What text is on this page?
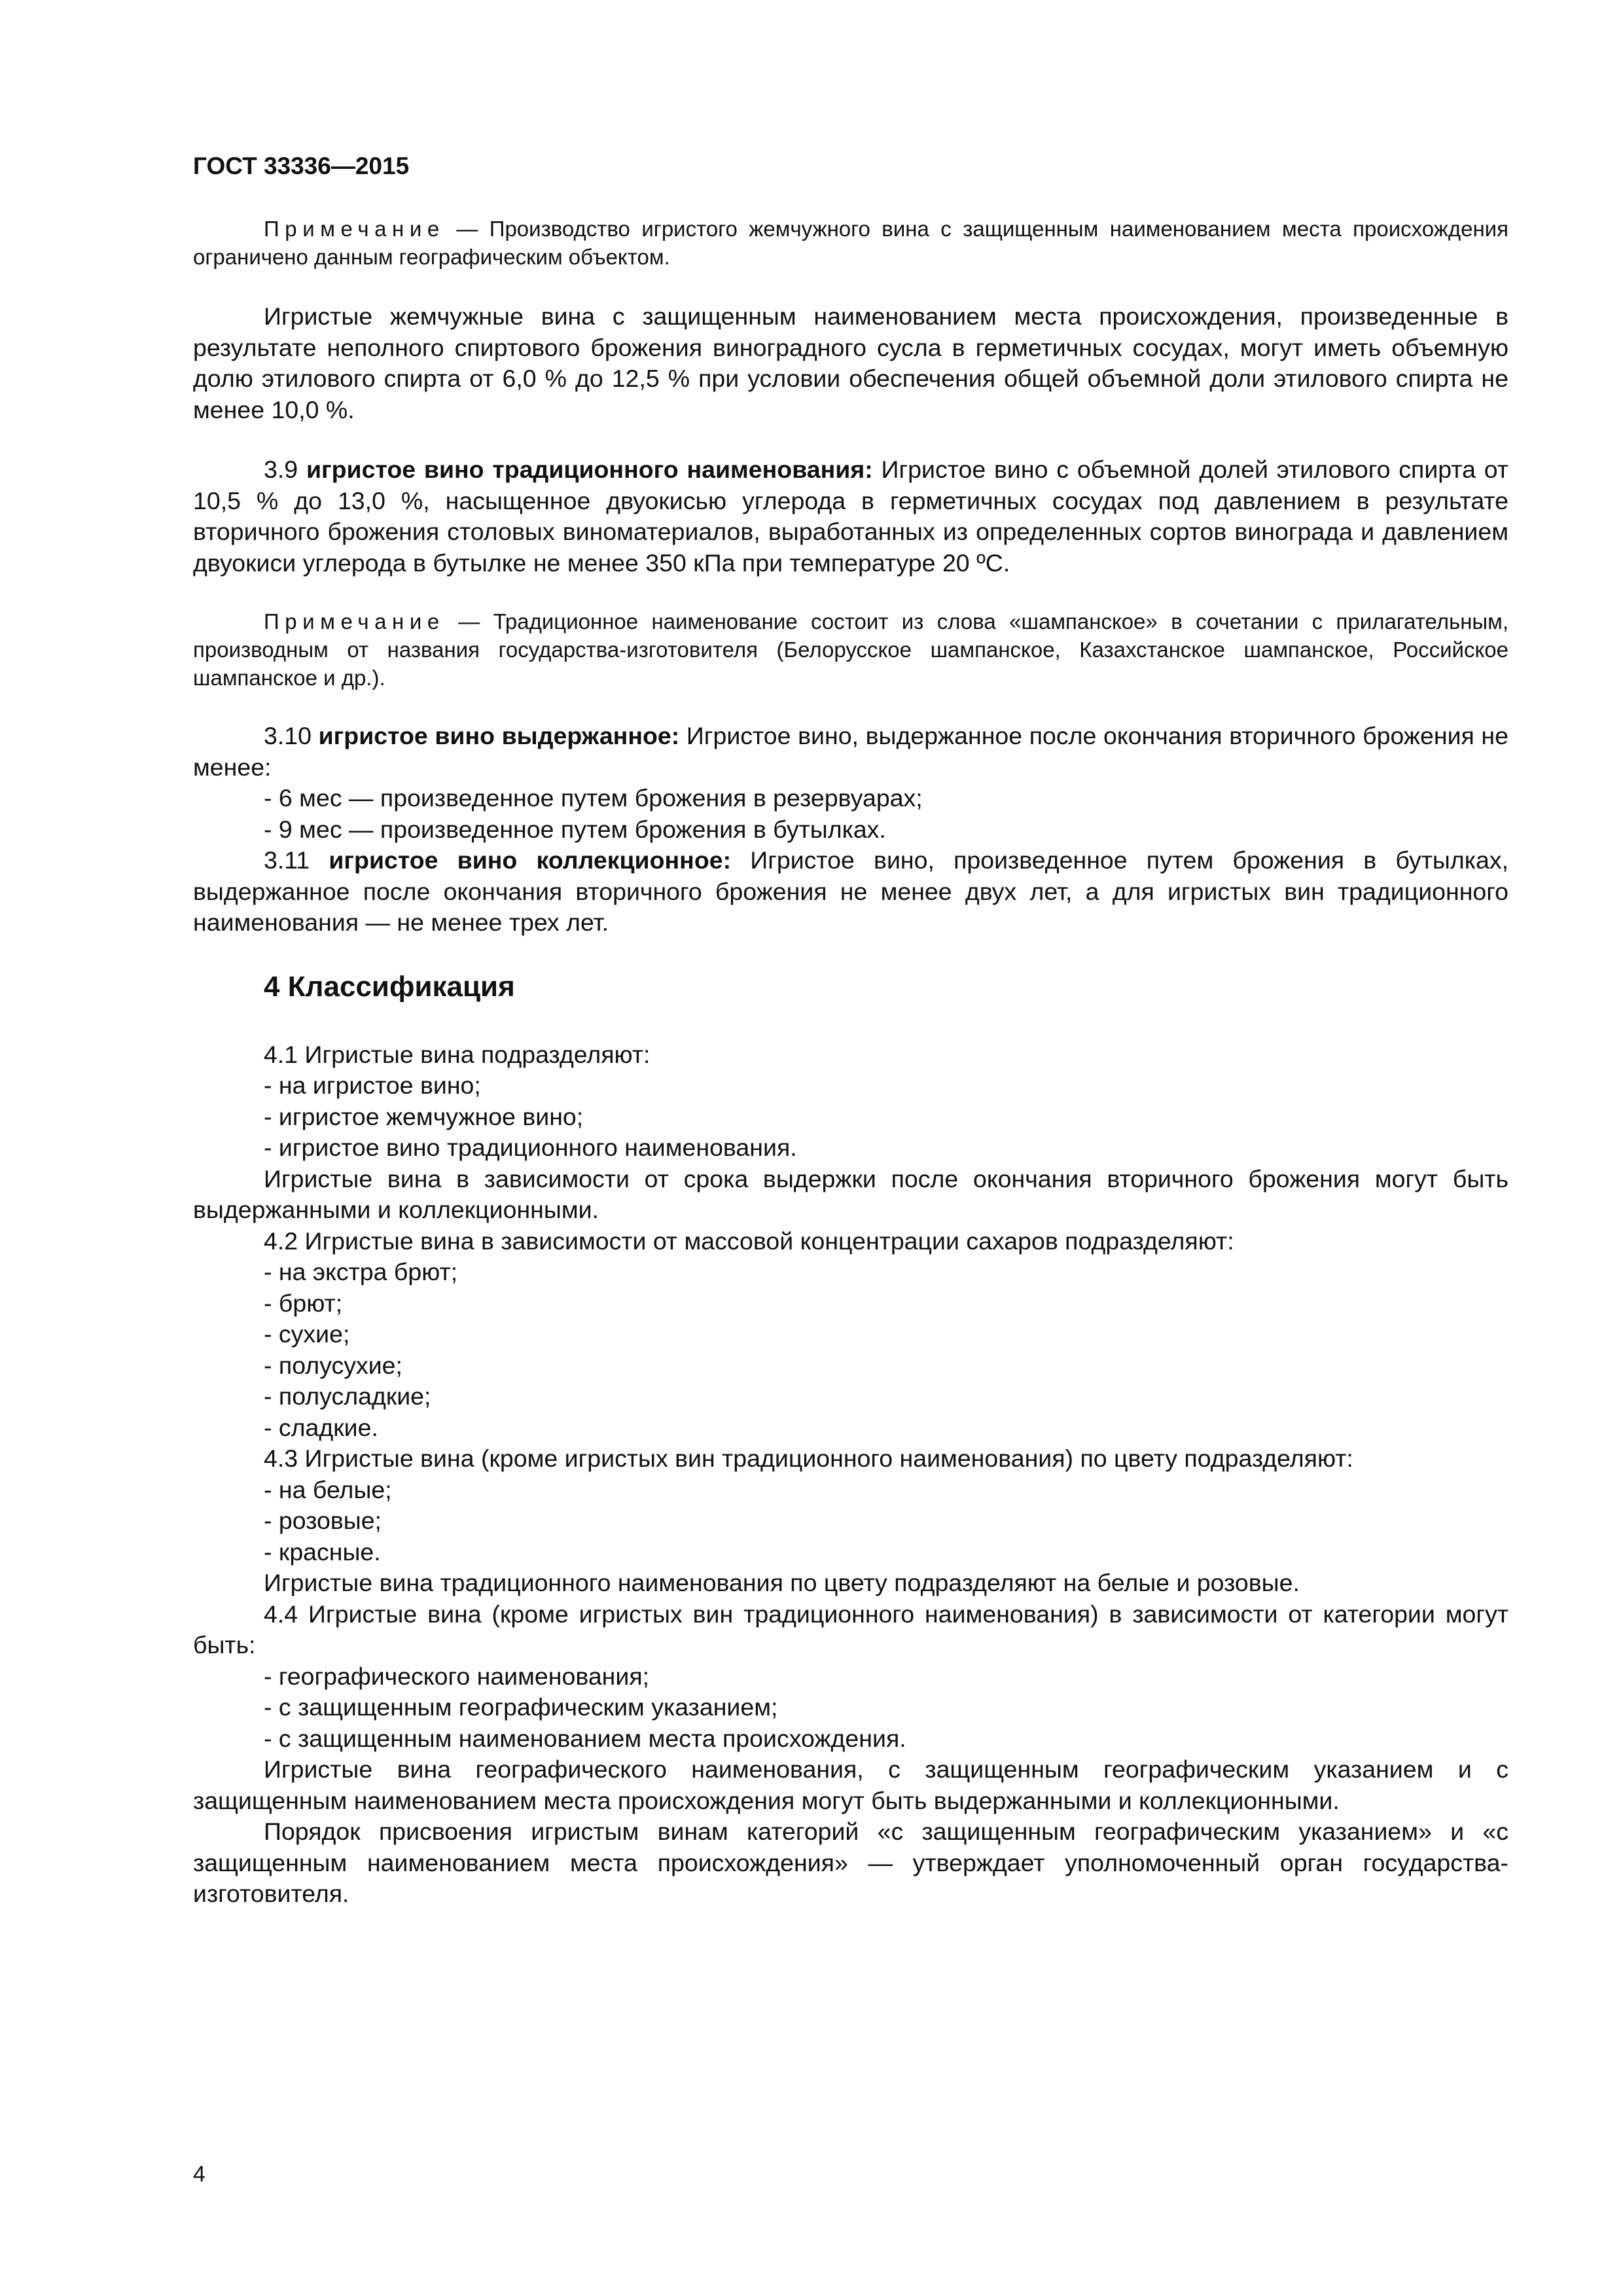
ГОСТ 33336—2015

Примечание — Производство игристого жемчужного вина с защищенным наименованием места происхождения ограничено данным географическим объектом.

Игристые жемчужные вина с защищенным наименованием места происхождения, произведенные в результате неполного спиртового брожения виноградного сусла в герметичных сосудах, могут иметь объемную долю этилового спирта от 6,0 % до 12,5 % при условии обеспечения общей объемной доли этилового спирта не менее 10,0 %.

3.9 игристое вино традиционного наименования: Игристое вино с объемной долей этилового спирта от 10,5 % до 13,0 %, насыщенное двуокисью углерода в герметичных сосудах под давлением в результате вторичного брожения столовых виноматериалов, выработанных из определенных сортов винограда и давлением двуокиси углерода в бутылке не менее 350 кПа при температуре 20 ºС.

Примечание — Традиционное наименование состоит из слова «шампанское» в сочетании с прилагательным, производным от названия государства-изготовителя (Белорусское шампанское, Казахстанское шампанское, Российское шампанское и др.).

3.10 игристое вино выдержанное: Игристое вино, выдержанное после окончания вторичного брожения не менее:

- 6 мес — произведенное путем брожения в резервуарах;

- 9 мес — произведенное путем брожения в бутылках.

3.11 игристое вино коллекционное: Игристое вино, произведенное путем брожения в бутылках, выдержанное после окончания вторичного брожения не менее двух лет, а для игристых вин традиционного наименования — не менее трех лет.

4 Классификация

4.1 Игристые вина подразделяют:

- на игристое вино;

- игристое жемчужное вино;

- игристое вино традиционного наименования.

Игристые вина в зависимости от срока выдержки после окончания вторичного брожения могут быть выдержанными и коллекционными.

4.2 Игристые вина в зависимости от массовой концентрации сахаров подразделяют:

- на экстра брют;

- брют;

- сухие;

- полусухие;

- полусладкие;

- сладкие.

4.3 Игристые вина (кроме игристых вин традиционного наименования) по цвету подразделяют:

- на белые;

- розовые;

- красные.

Игристые вина традиционного наименования по цвету подразделяют на белые и розовые.

4.4 Игристые вина (кроме игристых вин традиционного наименования) в зависимости от категории могут быть:

- географического наименования;

- с защищенным географическим указанием;

- с защищенным наименованием места происхождения.

Игристые вина географического наименования, с защищенным географическим указанием и с защищенным наименованием места происхождения могут быть выдержанными и коллекционными.

Порядок присвоения игристым винам категорий «с защищенным географическим указанием» и «с защищенным наименованием места происхождения» — утверждает уполномоченный орган государства-изготовителя.

4
